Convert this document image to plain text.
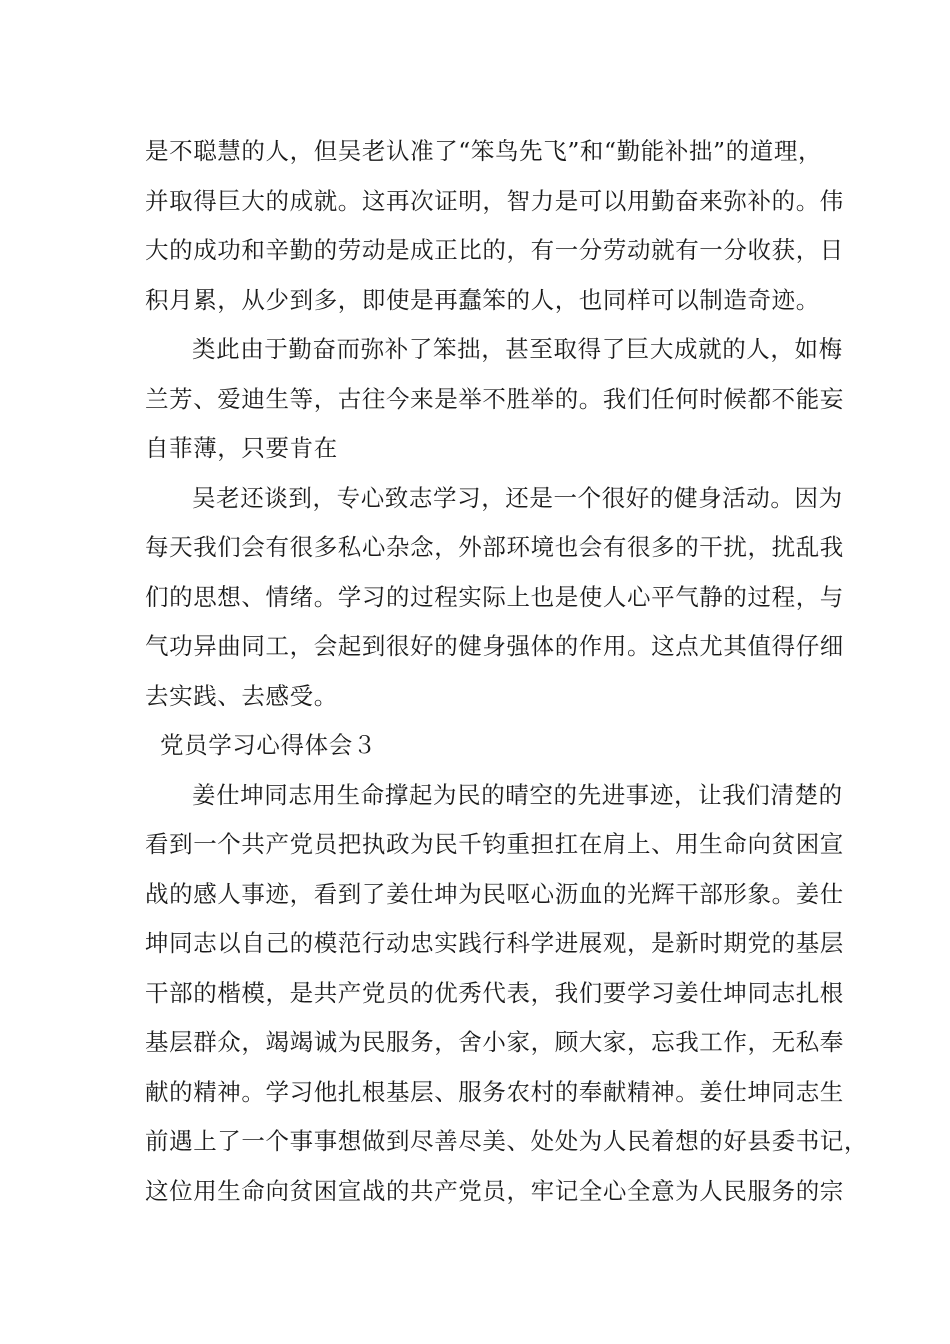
是不聪慧的人，但吴老认准了“笨鸟先飞”和“勤能补拙”的道理，
并取得巨大的成就。这再次证明，智力是可以用勤奋来弥补的。伟
大的成功和辛勤的劳动是成正比的，有一分劳动就有一分收获，日
积月累，从少到多，即使是再蠢笨的人，也同样可以制造奇迹。
类此由于勤奋而弥补了笨拙，甚至取得了巨大成就的人，如梅
兰芳、爱迪生等，古往今来是举不胜举的。我们任何时候都不能妄
自菲薄，只要肯在
吴老还谈到，专心致志学习，还是一个很好的健身活动。因为
每天我们会有很多私心杂念，外部环境也会有很多的干扰，扰乱我
们的思想、情绪。学习的过程实际上也是使人心平气静的过程，与
气功异曲同工，会起到很好的健身强体的作用。这点尤其值得仔细
去实践、去感受。
党员学习心得体会３
姜仕坤同志用生命撑起为民的晴空的先进事迹，让我们清楚的
看到一个共产党员把执政为民千钧重担扛在肩上、用生命向贫困宣
战的感人事迹，看到了姜仕坤为民呕心沥血的光辉干部形象。姜仕
坤同志以自己的模范行动忠实践行科学进展观，是新时期党的基层
干部的楷模，是共产党员的优秀代表，我们要学习姜仕坤同志扎根
基层群众，竭竭诚为民服务，舍小家，顾大家，忘我工作，无私奉
献的精神。学习他扎根基层、服务农村的奉献精神。姜仕坤同志生
前遇上了一个事事想做到尽善尽美、处处为人民着想的好县委书记，
这位用生命向贫困宣战的共产党员，牢记全心全意为人民服务的宗
